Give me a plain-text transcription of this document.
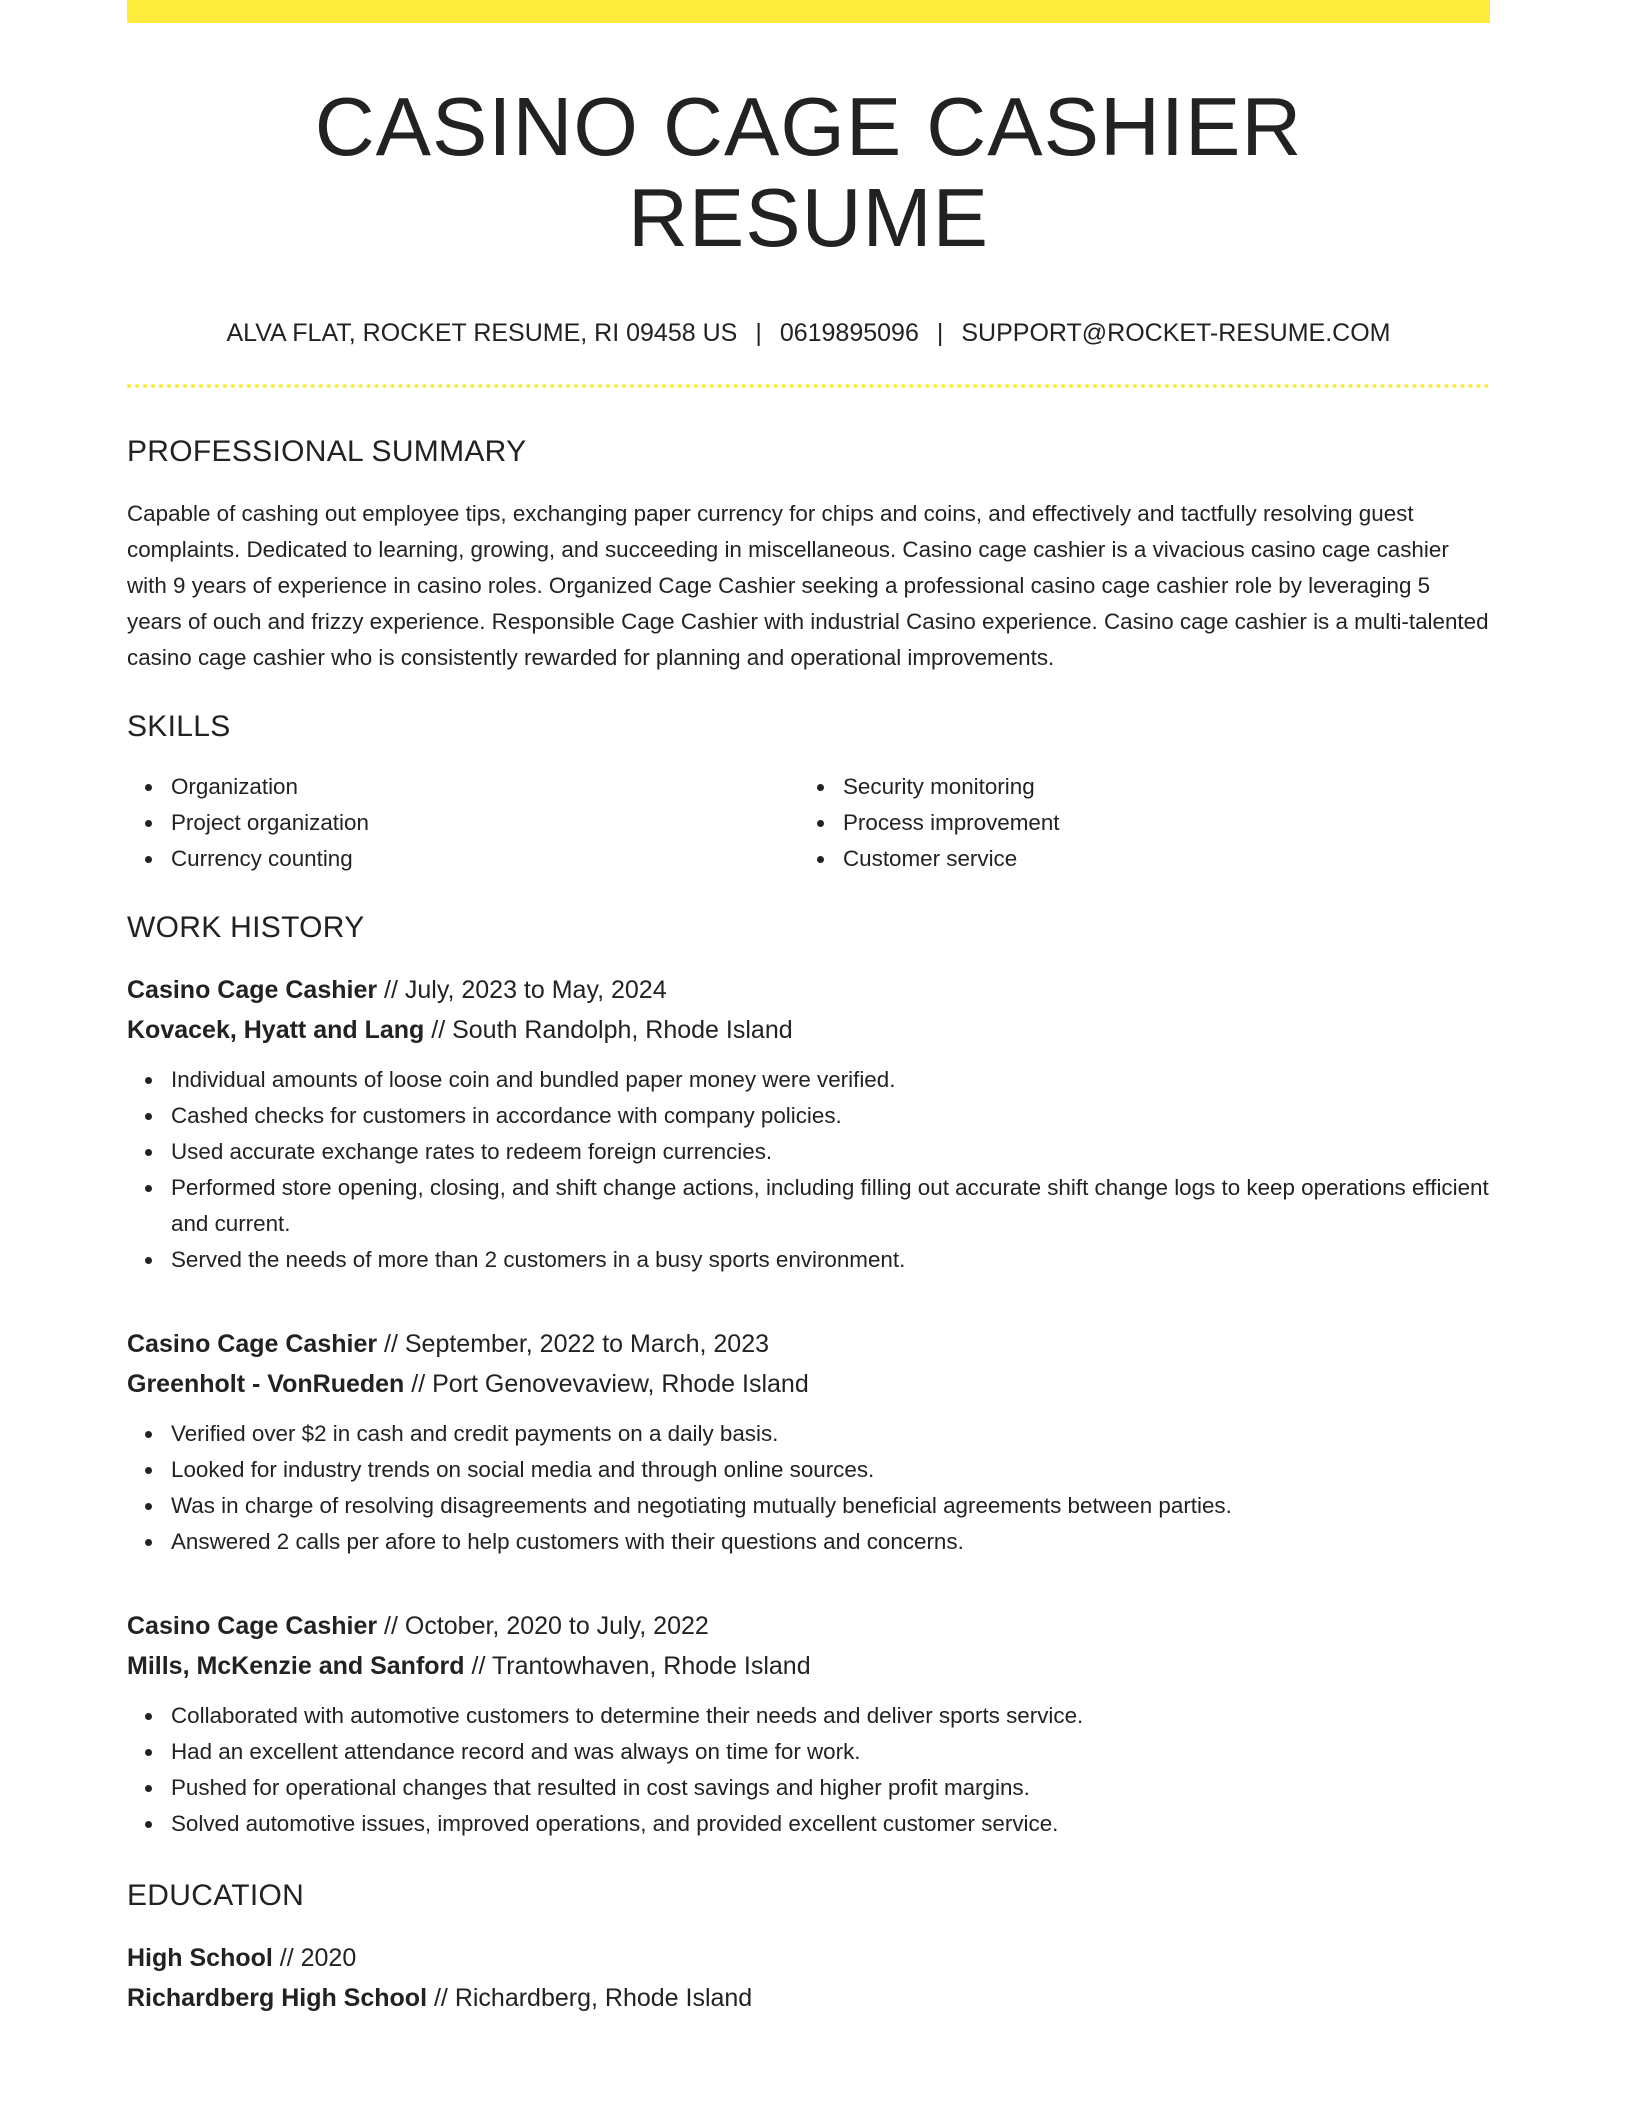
CASINO CAGE CASHIER RESUME
ALVA FLAT, ROCKET RESUME, RI 09458 US | 0619895096 | SUPPORT@ROCKET-RESUME.COM
PROFESSIONAL SUMMARY

Capable of cashing out employee tips, exchanging paper currency for chips and coins, and effectively and tactfully resolving guest complaints. Dedicated to learning, growing, and succeeding in miscellaneous. Casino cage cashier is a vivacious casino cage cashier with 9 years of experience in casino roles. Organized Cage Cashier seeking a professional casino cage cashier role by leveraging 5 years of ouch and frizzy experience. Responsible Cage Cashier with industrial Casino experience. Casino cage cashier is a multi-talented casino cage cashier who is consistently rewarded for planning and operational improvements.

SKILLS
Organization
Project organization
Currency counting
Security monitoring
Process improvement
Customer service
WORK HISTORY
Casino Cage Cashier // July, 2023 to May, 2024
Kovacek, Hyatt and Lang // South Randolph, Rhode Island
Individual amounts of loose coin and bundled paper money were verified.
Cashed checks for customers in accordance with company policies.
Used accurate exchange rates to redeem foreign currencies.
Performed store opening, closing, and shift change actions, including filling out accurate shift change logs to keep operations efficient and current.
Served the needs of more than 2 customers in a busy sports environment.
Casino Cage Cashier // September, 2022 to March, 2023
Greenholt - VonRueden // Port Genovevaview, Rhode Island
Verified over $2 in cash and credit payments on a daily basis.
Looked for industry trends on social media and through online sources.
Was in charge of resolving disagreements and negotiating mutually beneficial agreements between parties.
Answered 2 calls per afore to help customers with their questions and concerns.
Casino Cage Cashier // October, 2020 to July, 2022
Mills, McKenzie and Sanford // Trantowhaven, Rhode Island
Collaborated with automotive customers to determine their needs and deliver sports service.
Had an excellent attendance record and was always on time for work.
Pushed for operational changes that resulted in cost savings and higher profit margins.
Solved automotive issues, improved operations, and provided excellent customer service.
EDUCATION
High School // 2020
Richardberg High School // Richardberg, Rhode Island
